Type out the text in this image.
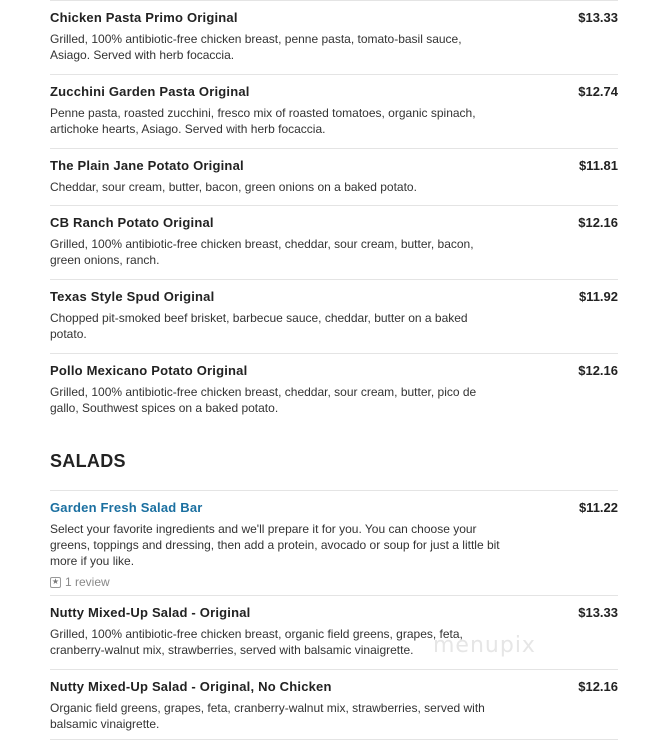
Chicken Pasta Primo Original	$13.33
Grilled, 100% antibiotic-free chicken breast, penne pasta, tomato-basil sauce, Asiago. Served with herb focaccia.
Zucchini Garden Pasta Original	$12.74
Penne pasta, roasted zucchini, fresco mix of roasted tomatoes, organic spinach, artichoke hearts, Asiago. Served with herb focaccia.
The Plain Jane Potato Original	$11.81
Cheddar, sour cream, butter, bacon, green onions on a baked potato.
CB Ranch Potato Original	$12.16
Grilled, 100% antibiotic-free chicken breast, cheddar, sour cream, butter, bacon, green onions, ranch.
Texas Style Spud Original	$11.92
Chopped pit-smoked beef brisket, barbecue sauce, cheddar, butter on a baked potato.
Pollo Mexicano Potato Original	$12.16
Grilled, 100% antibiotic-free chicken breast, cheddar, sour cream, butter, pico de gallo, Southwest spices on a baked potato.
SALADS
Garden Fresh Salad Bar	$11.22
Select your favorite ingredients and we'll prepare it for you. You can choose your greens, toppings and dressing, then add a protein, avocado or soup for just a little bit more if you like.
★ 1 review
Nutty Mixed-Up Salad - Original	$13.33
Grilled, 100% antibiotic-free chicken breast, organic field greens, grapes, feta, cranberry-walnut mix, strawberries, served with balsamic vinaigrette.
Nutty Mixed-Up Salad - Original, No Chicken	$12.16
Organic field greens, grapes, feta, cranberry-walnut mix, strawberries, served with balsamic vinaigrette.
menupix
